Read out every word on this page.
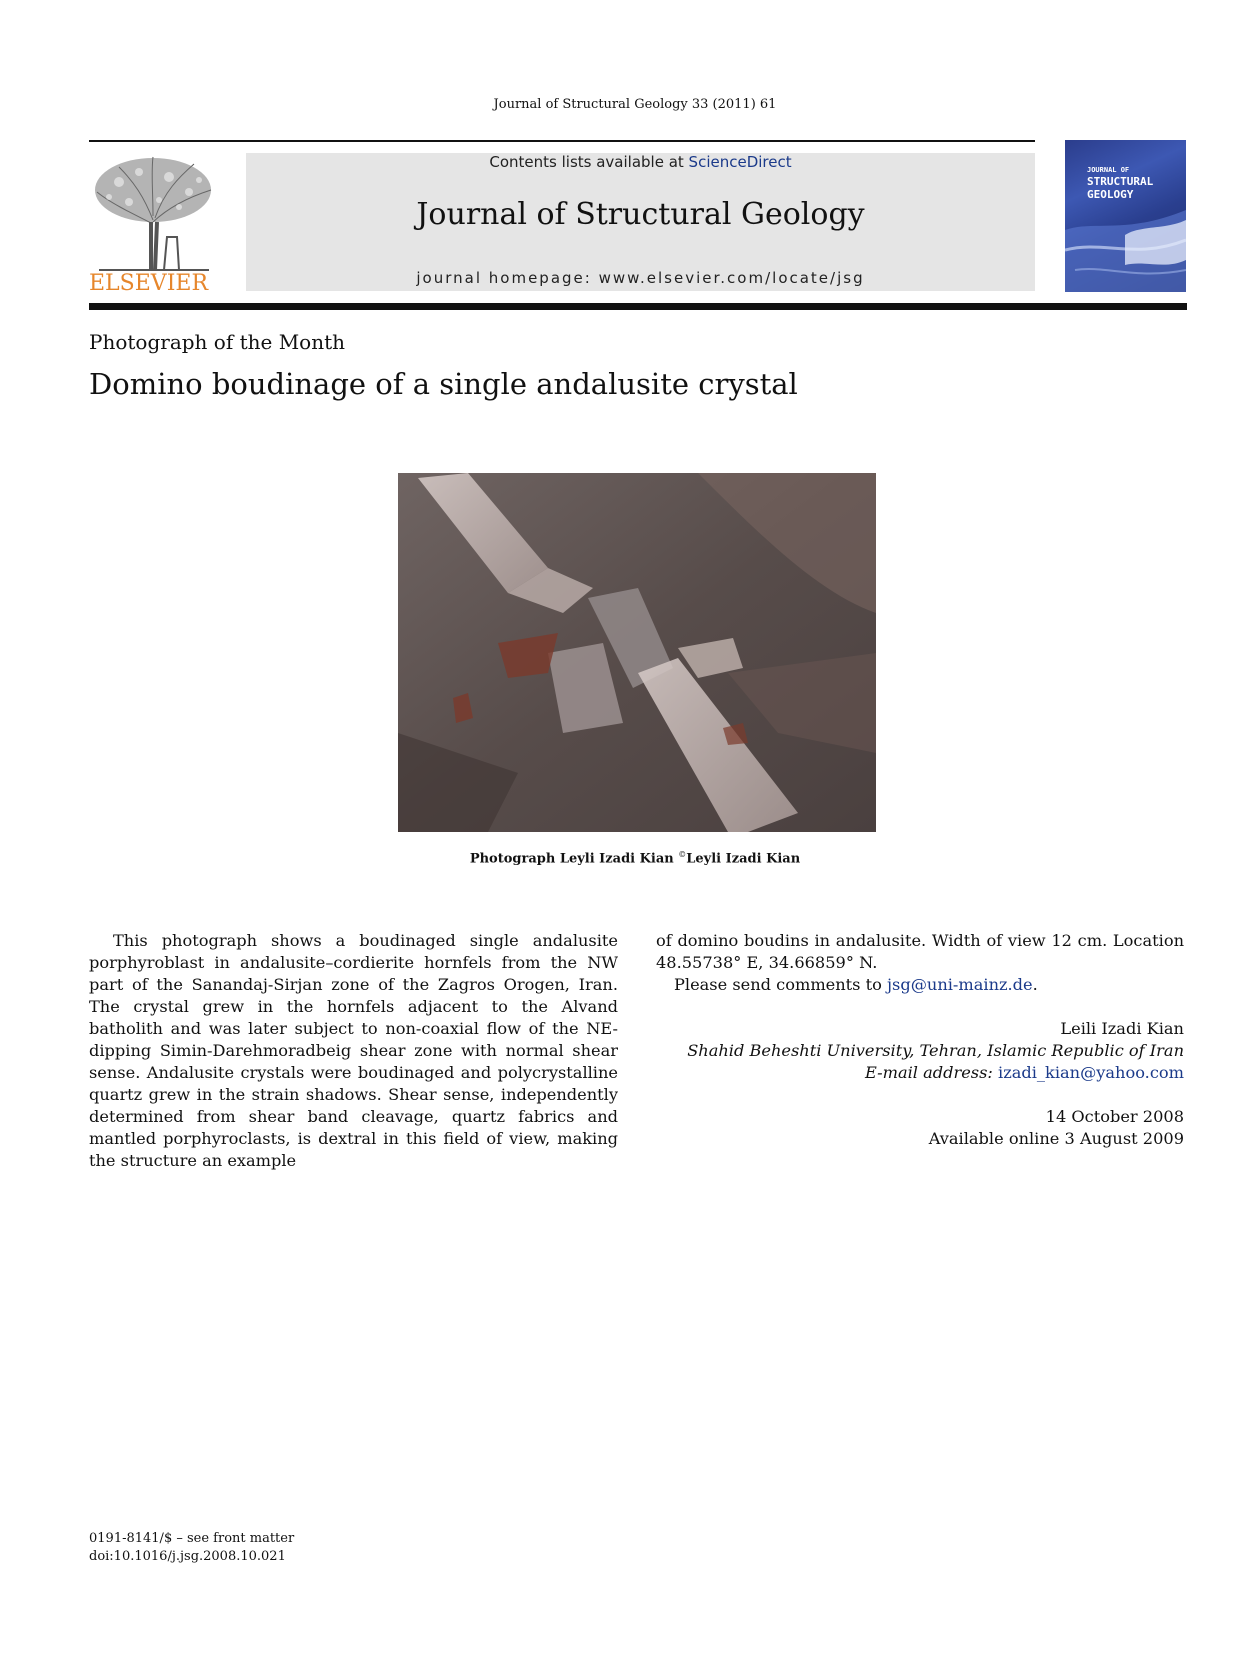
Journal of Structural Geology 33 (2011) 61
ELSEVIER
Contents lists available at ScienceDirect
Journal of Structural Geology
journal homepage: www.elsevier.com/locate/jsg
JOURNAL OF
STRUCTURAL
GEOLOGY
Photograph of the Month
Domino boudinage of a single andalusite crystal
Photograph Leyli Izadi Kian ©Leyli Izadi Kian

This photograph shows a boudinaged single andalusite porphyroblast in andalusite–cordierite hornfels from the NW part of the Sanandaj-Sirjan zone of the Zagros Orogen, Iran. The crystal grew in the hornfels adjacent to the Alvand batholith and was later subject to non-coaxial flow of the NE-dipping Simin-Darehmoradbeig shear zone with normal shear sense. Andalusite crystals were boudinaged and polycrystalline quartz grew in the strain shadows. Shear sense, independently determined from shear band cleavage, quartz fabrics and mantled porphyroclasts, is dextral in this field of view, making the structure an example

of domino boudins in andalusite. Width of view 12 cm. Location 48.55738° E, 34.66859° N.

Please send comments to jsg@uni-mainz.de.

Leili Izadi Kian
Shahid Beheshti University, Tehran, Islamic Republic of Iran
E-mail address: izadi_kian@yahoo.com
14 October 2008
Available online 3 August 2009
0191-8141/$ – see front matter
doi:10.1016/j.jsg.2008.10.021
